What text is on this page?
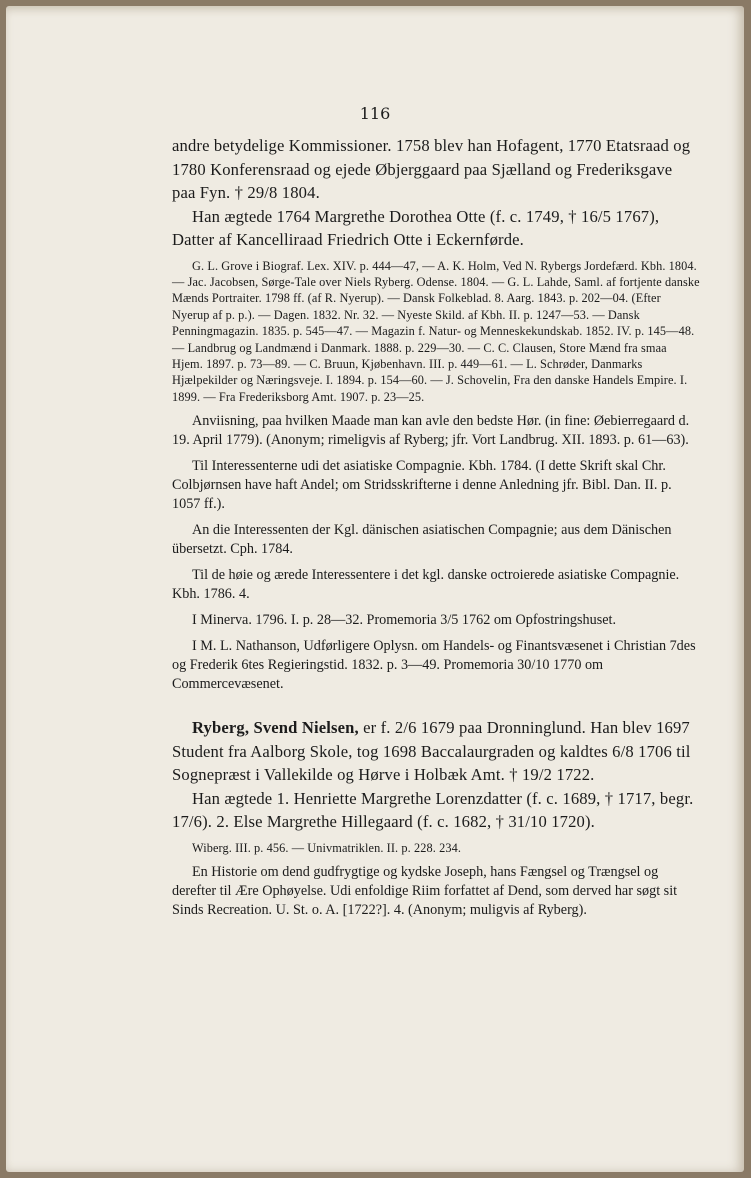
116

andre betydelige Kommissioner. 1758 blev han Hofagent, 1770 Etatsraad og 1780 Konferensraad og ejede Øbjerggaard paa Sjælland og Frederiksgave paa Fyn. † 29/8 1804.

Han ægtede 1764 Margrethe Dorothea Otte (f. c. 1749, † 16/5 1767), Datter af Kancelliraad Friedrich Otte i Eckernførde.

G. L. Grove i Biograf. Lex. XIV. p. 444—47, — A. K. Holm, Ved N. Rybergs Jordefærd. Kbh. 1804. — Jac. Jacobsen, Sørge-Tale over Niels Ryberg. Odense. 1804. — G. L. Lahde, Saml. af fortjente danske Mænds Portraiter. 1798 ff. (af R. Nyerup). — Dansk Folkeblad. 8. Aarg. 1843. p. 202—04. (Efter Nyerup af p. p.). — Dagen. 1832. Nr. 32. — Nyeste Skild. af Kbh. II. p. 1247—53. — Dansk Penningmagazin. 1835. p. 545—47. — Magazin f. Natur- og Menneskekundskab. 1852. IV. p. 145—48. — Landbrug og Landmænd i Danmark. 1888. p. 229—30. — C. C. Clausen, Store Mænd fra smaa Hjem. 1897. p. 73—89. — C. Bruun, Kjøbenhavn. III. p. 449—61. — L. Schrøder, Danmarks Hjælpekilder og Næringsveje. I. 1894. p. 154—60. — J. Schovelin, Fra den danske Handels Empire. I. 1899. — Fra Frederiksborg Amt. 1907. p. 23—25.

Anviisning, paa hvilken Maade man kan avle den bedste Hør. (in fine: Øebierregaard d. 19. April 1779). (Anonym; rimeligvis af Ryberg; jfr. Vort Landbrug. XII. 1893. p. 61—63).

Til Interessenterne udi det asiatiske Compagnie. Kbh. 1784. (I dette Skrift skal Chr. Colbjørnsen have haft Andel; om Stridsskrifterne i denne Anledning jfr. Bibl. Dan. II. p. 1057 ff.).

An die Interessenten der Kgl. dänischen asiatischen Compagnie; aus dem Dänischen übersetzt. Cph. 1784.

Til de høie og ærede Interessentere i det kgl. danske octroierede asiatiske Compagnie. Kbh. 1786. 4.

I Minerva. 1796. I. p. 28—32. Promemoria 3/5 1762 om Opfostringshuset.

I M. L. Nathanson, Udførligere Oplysn. om Handels- og Finantsvæsenet i Christian 7des og Frederik 6tes Regieringstid. 1832. p. 3—49. Promemoria 30/10 1770 om Commercevæsenet.

Ryberg, Svend Nielsen, er f. 2/6 1679 paa Dronninglund. Han blev 1697 Student fra Aalborg Skole, tog 1698 Baccalaurgraden og kaldtes 6/8 1706 til Sognepræst i Vallekilde og Hørve i Holbæk Amt. † 19/2 1722.

Han ægtede 1. Henriette Margrethe Lorenzdatter (f. c. 1689, † 1717, begr. 17/6). 2. Else Margrethe Hillegaard (f. c. 1682, † 31/10 1720).

Wiberg. III. p. 456. — Univmatriklen. II. p. 228. 234.

En Historie om dend gudfrygtige og kydske Joseph, hans Fængsel og Trængsel og derefter til Ære Ophøyelse. Udi enfoldige Riim forfattet af Dend, som derved har søgt sit Sinds Recreation. U. St. o. A. [1722?]. 4. (Anonym; muligvis af Ryberg).
